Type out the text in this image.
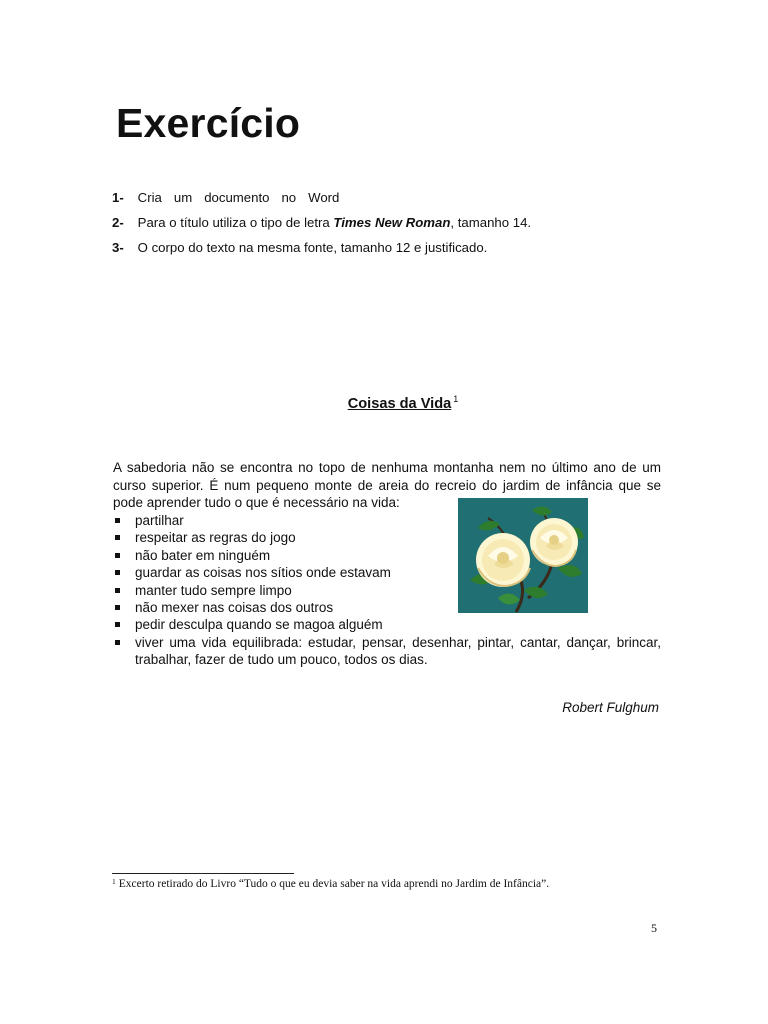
Exercício
1- Cria um documento no Word
2- Para o título utiliza o tipo de letra Times New Roman, tamanho 14.
3- O corpo do texto na mesma fonte, tamanho 12 e justificado.
Coisas da Vida $^1$
A sabedoria não se encontra no topo de nenhuma montanha nem no último ano de um curso superior. É num pequeno monte de areia do recreio do jardim de infância que se pode aprender tudo o que é necessário na vida:
partilhar
respeitar as regras do jogo
não bater em ninguém
guardar as coisas nos sítios onde estavam
manter tudo sempre limpo
não mexer nas coisas dos outros
pedir desculpa quando se magoa alguém
viver uma vida equilibrada: estudar, pensar, desenhar, pintar, cantar, dançar, brincar, trabalhar, fazer de tudo um pouco, todos os dias.
Robert Fulghum
$^1$ Excerto retirado do Livro “Tudo o que eu devia saber na vida aprendi no Jardim de Infância”.
5
